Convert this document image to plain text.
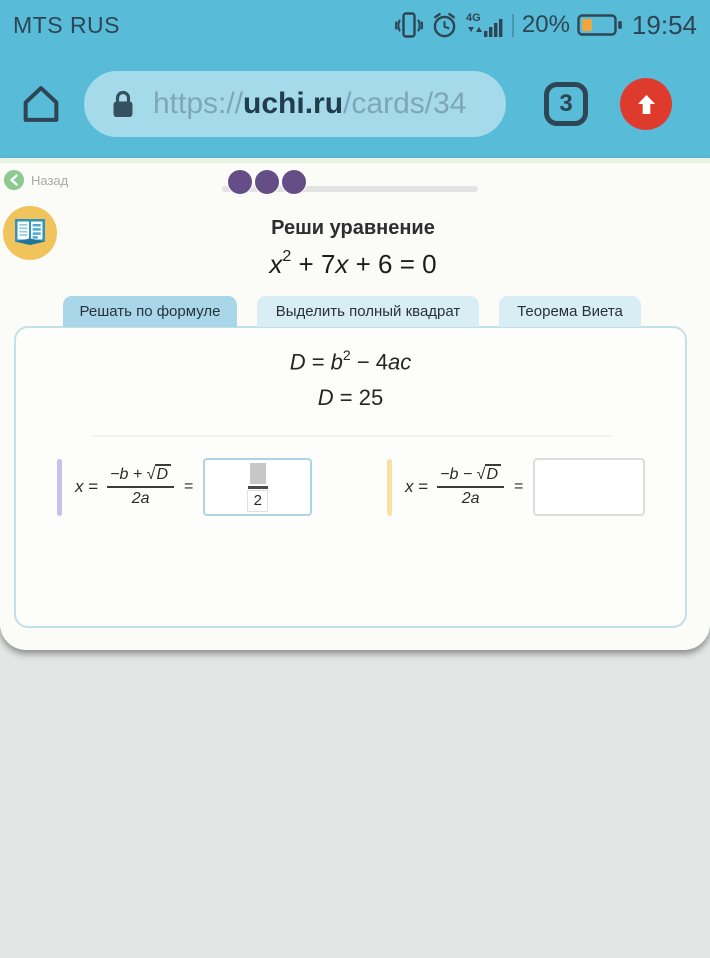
MTS RUS	4G 20% 19:54
https://uchi.ru/cards/34	3
Назад
Реши уравнение
$x^2 + 7x + 6 = 0$
Решать по формуле	Выделить полный квадрат	Теорема Виета
$D = b^2 - 4ac$
D = 25
$x = \frac{-b + √D}{2a}$ =
2
$x = \frac{-b - √D}{2a}$ =
